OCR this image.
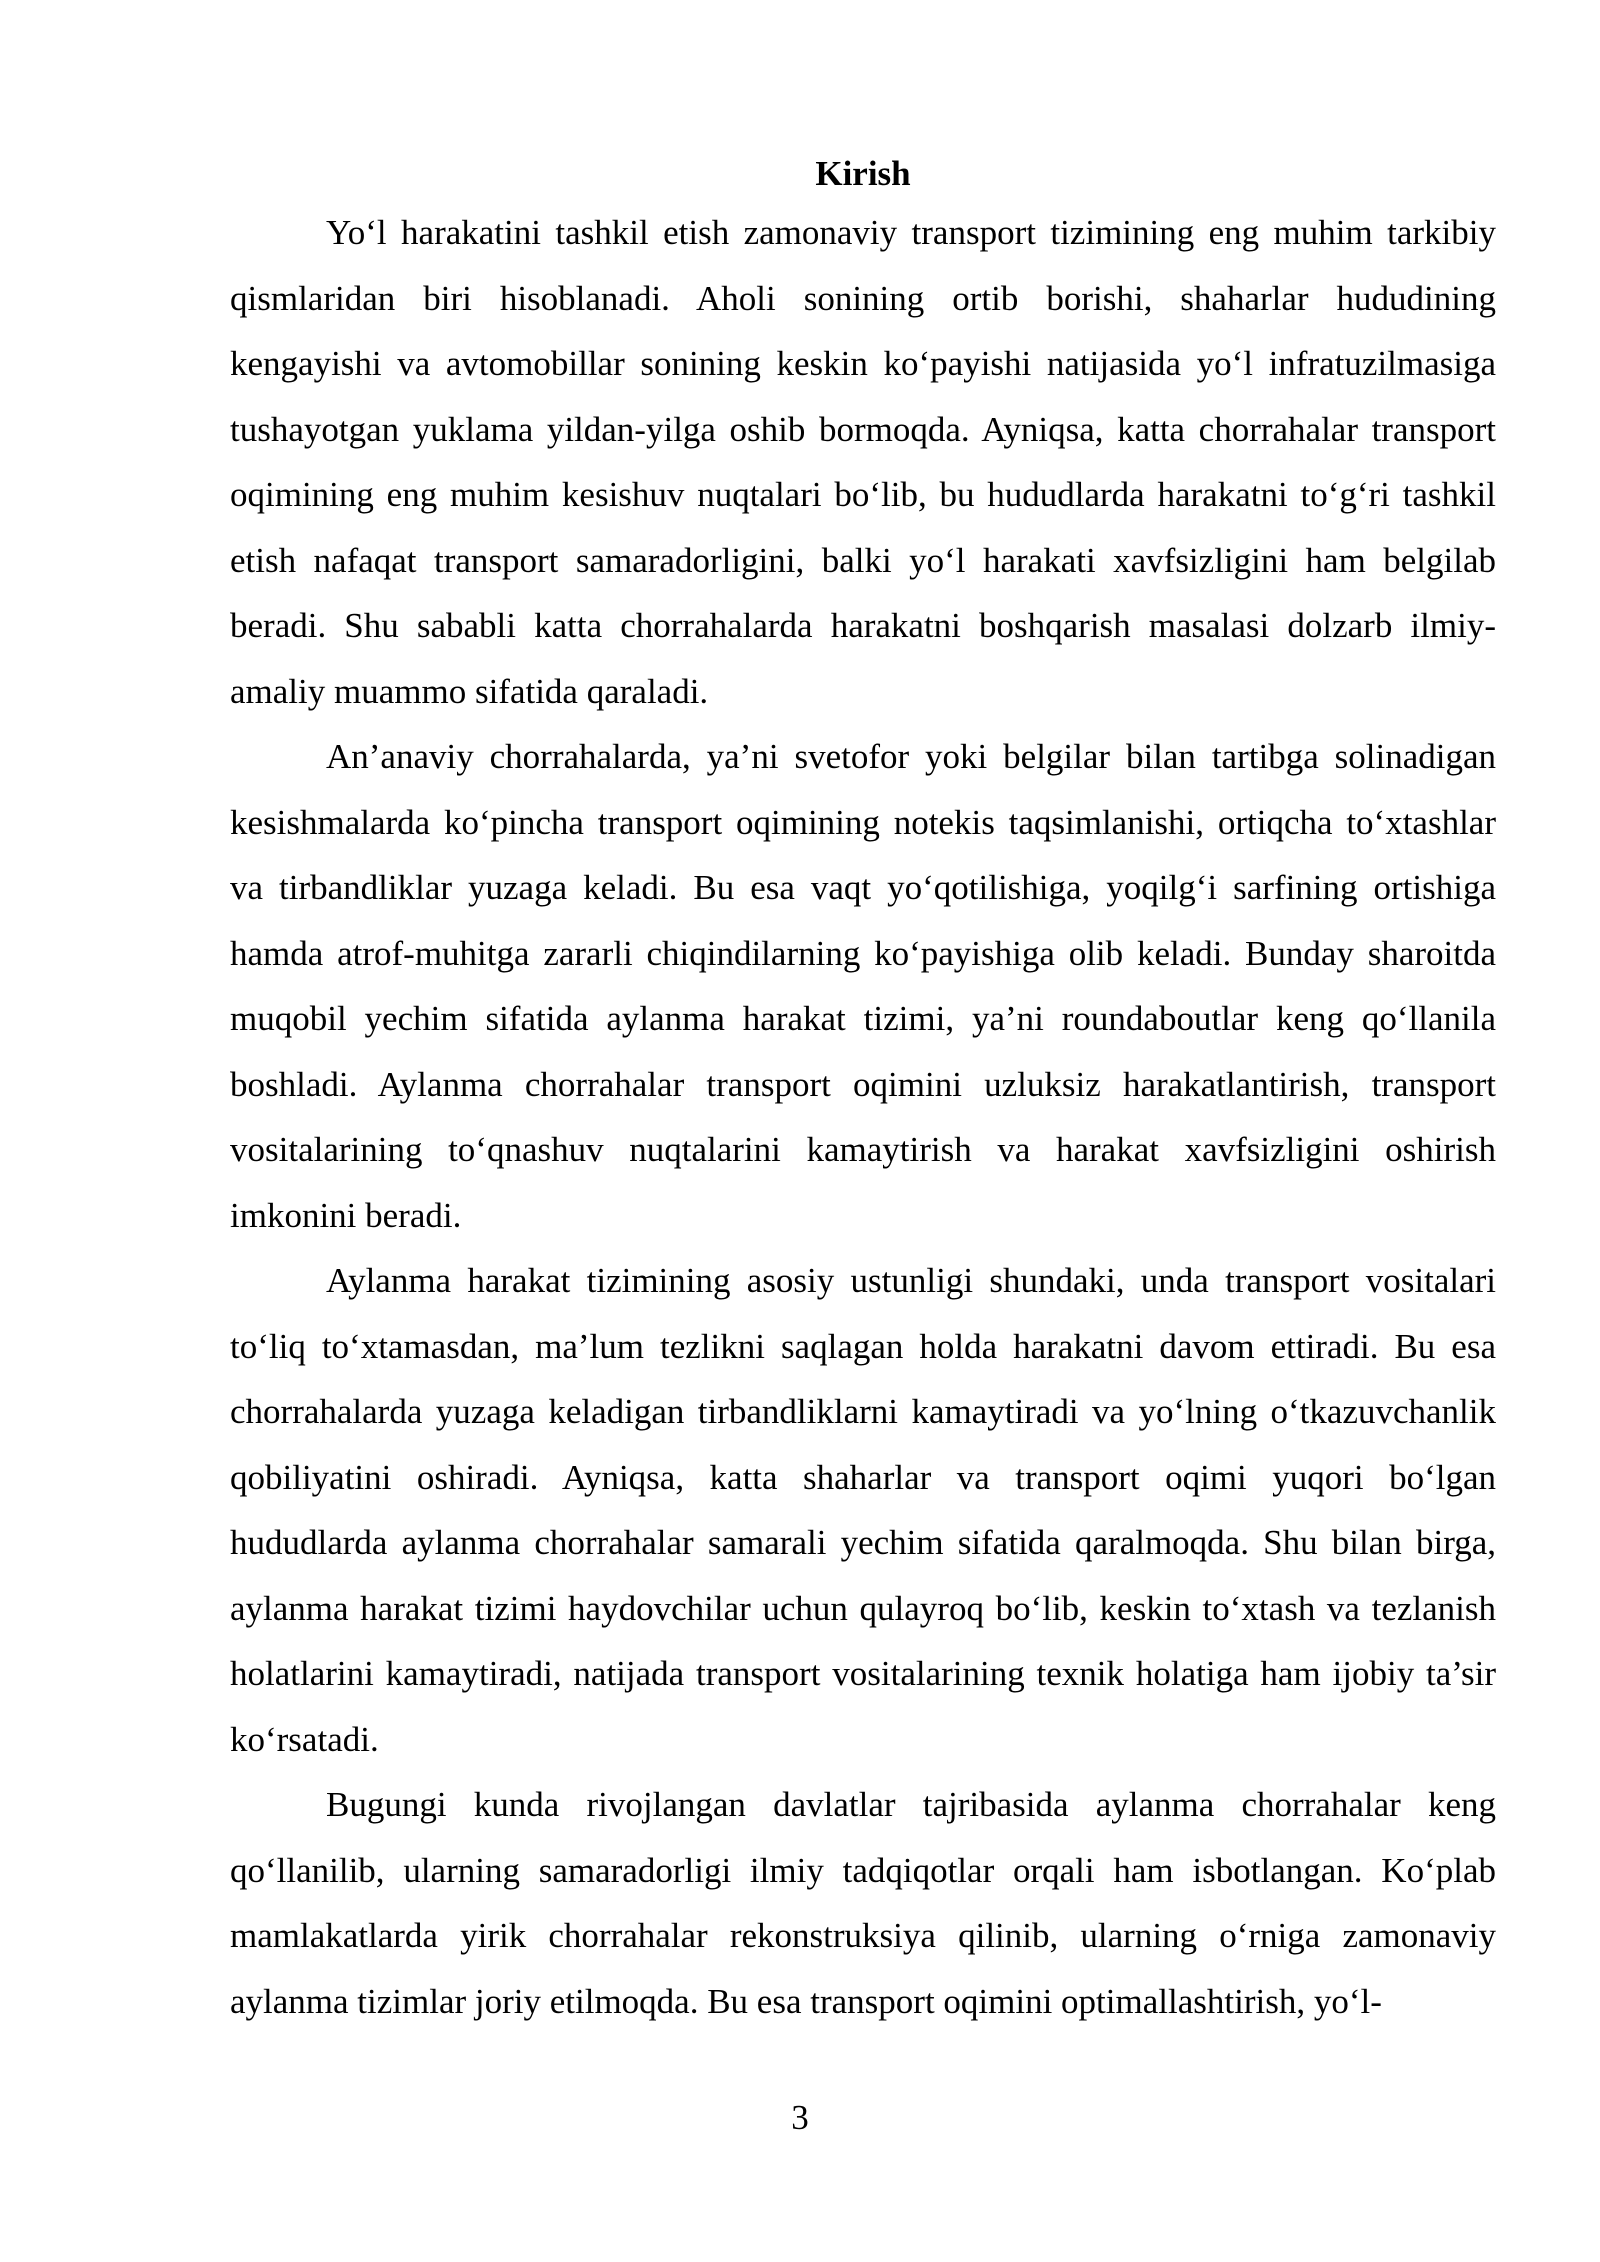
Kirish

Yo‘l harakatini tashkil etish zamonaviy transport tizimining eng muhim tarkibiy qismlaridan biri hisoblanadi. Aholi sonining ortib borishi, shaharlar hududining kengayishi va avtomobillar sonining keskin ko‘payishi natijasida yo‘l infratuzilmasiga tushayotgan yuklama yildan-yilga oshib bormoqda. Ayniqsa, katta chorrahalar transport oqimining eng muhim kesishuv nuqtalari bo‘lib, bu hududlarda harakatni to‘g‘ri tashkil etish nafaqat transport samaradorligini, balki yo‘l harakati xavfsizligini ham belgilab beradi. Shu sababli katta chorrahalarda harakatni boshqarish masalasi dolzarb ilmiy-amaliy muammo sifatida qaraladi.

An’anaviy chorrahalarda, ya’ni svetofor yoki belgilar bilan tartibga solinadigan kesishmalarda ko‘pincha transport oqimining notekis taqsimlanishi, ortiqcha to‘xtashlar va tirbandliklar yuzaga keladi. Bu esa vaqt yo‘qotilishiga, yoqilg‘i sarfining ortishiga hamda atrof-muhitga zararli chiqindilarning ko‘payishiga olib keladi. Bunday sharoitda muqobil yechim sifatida aylanma harakat tizimi, ya’ni roundaboutlar keng qo‘llanila boshladi. Aylanma chorrahalar transport oqimini uzluksiz harakatlantirish, transport vositalarining to‘qnashuv nuqtalarini kamaytirish va harakat xavfsizligini oshirish imkonini beradi.

Aylanma harakat tizimining asosiy ustunligi shundaki, unda transport vositalari to‘liq to‘xtamasdan, ma’lum tezlikni saqlagan holda harakatni davom ettiradi. Bu esa chorrahalarda yuzaga keladigan tirbandliklarni kamaytiradi va yo‘lning o‘tkazuvchanlik qobiliyatini oshiradi. Ayniqsa, katta shaharlar va transport oqimi yuqori bo‘lgan hududlarda aylanma chorrahalar samarali yechim sifatida qaralmoqda. Shu bilan birga, aylanma harakat tizimi haydovchilar uchun qulayroq bo‘lib, keskin to‘xtash va tezlanish holatlarini kamaytiradi, natijada transport vositalarining texnik holatiga ham ijobiy ta’sir ko‘rsatadi.

Bugungi kunda rivojlangan davlatlar tajribasida aylanma chorrahalar keng qo‘llanilib, ularning samaradorligi ilmiy tadqiqotlar orqali ham isbotlangan. Ko‘plab mamlakatlarda yirik chorrahalar rekonstruksiya qilinib, ularning o‘rniga zamonaviy aylanma tizimlar joriy etilmoqda. Bu esa transport oqimini optimallashtirish, yo‘l-

3
